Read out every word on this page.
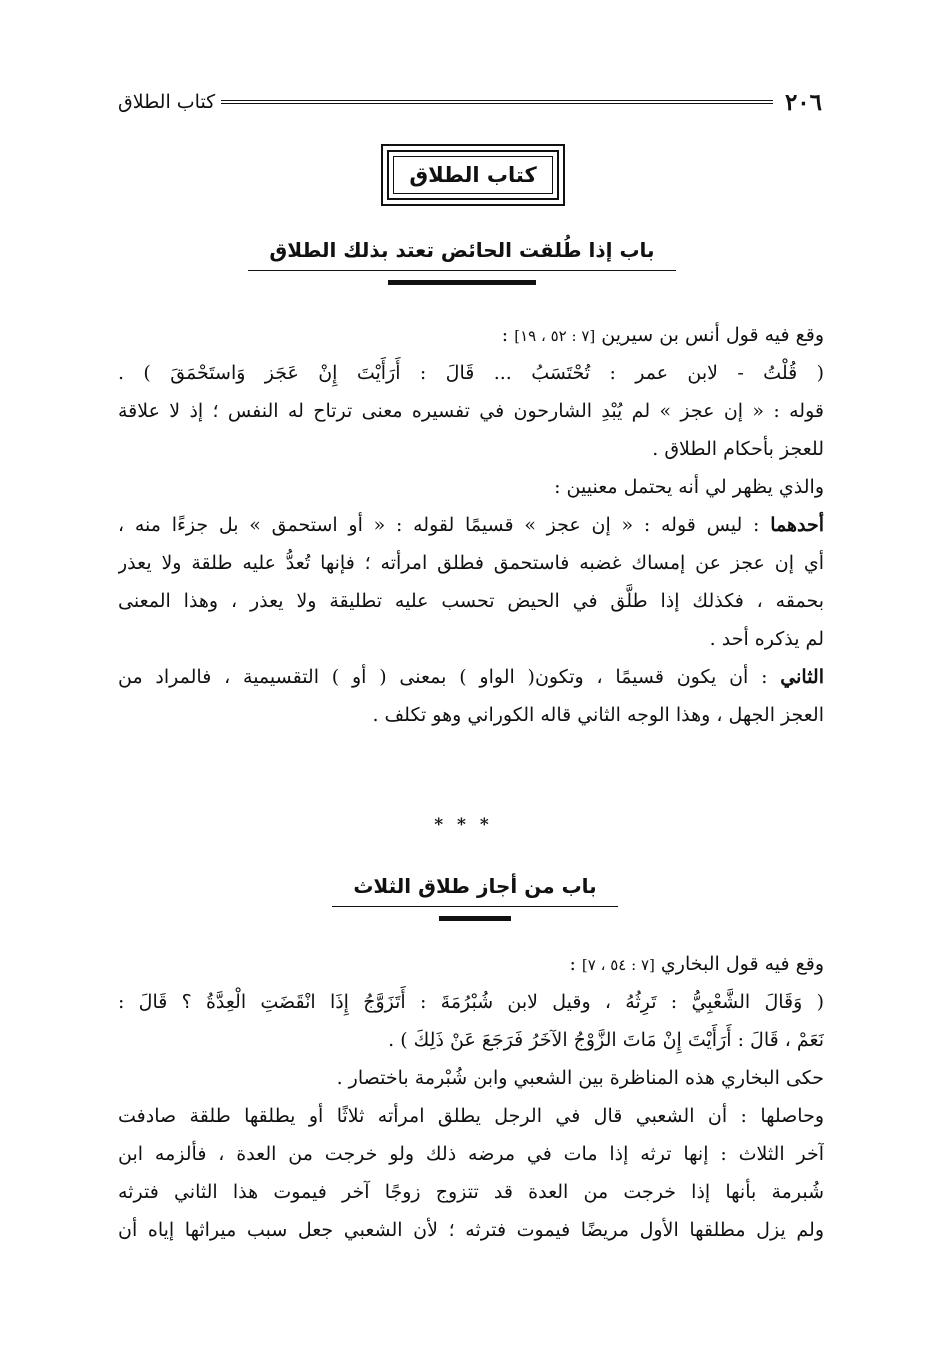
٢٠٦
كتاب الطلاق
كتاب الطلاق
باب إذا طُلقت الحائض تعتد بذلك الطلاق
وقع فيه قول أنس بن سيرين [٧ : ٥٢ ، ١٩] :
( قُلْتُ - لابن عمر : تُحْتَسَبُ ... قَالَ : أَرَأَيْتَ إِنْ عَجَز وَاستَحْمَقَ ) .
قوله : « إن عجز » لم يُبْدِ الشارحون في تفسيره معنى ترتاح له النفس ؛ إذ لا علاقة
للعجز بأحكام الطلاق .
والذي يظهر لي أنه يحتمل معنيين :
أحدهما : ليس قوله : « إن عجز » قسيمًا لقوله : « أو استحمق » بل جزءًا منه ،
أي إن عجز عن إمساك غضبه فاستحمق فطلق امرأته ؛ فإنها تُعدُّ عليه طلقة ولا يعذر
بحمقه ، فكذلك إذا طلَّق في الحيض تحسب عليه تطليقة ولا يعذر ، وهذا المعنى
لم يذكره أحد .
الثاني : أن يكون قسيمًا ، وتكون( الواو ) بمعنى ( أو ) التقسيمية ، فالمراد من
العجز الجهل ، وهذا الوجه الثاني قاله الكوراني وهو تكلف .
* * *
باب من أجاز طلاق الثلاث
وقع فيه قول البخاري [٧ : ٥٤ ، ٧] :
( وَقَالَ الشَّعْبِيُّ : تَرِثُهُ ، وقيل لابن شُبْرُمَةَ : أَتَزَوَّجُ إِذَا انْقَضَتِ الْعِدَّةُ ؟ قَالَ :
نَعَمْ ، قَالَ : أَرَأَيْتَ إِنْ مَاتَ الزَّوْجُ الآخَرُ فَرَجَعَ عَنْ ذَلِكَ ) .
حكى البخاري هذه المناظرة بين الشعبي وابن شُبْرمة باختصار .
وحاصلها : أن الشعبي قال في الرجل يطلق امرأته ثلاثًا أو يطلقها طلقة صادفت
آخر الثلاث : إنها ترثه إذا مات في مرضه ذلك ولو خرجت من العدة ، فألزمه ابن
شُبرمة بأنها إذا خرجت من العدة قد تتزوج زوجًا آخر فيموت هذا الثاني فترثه
ولم يزل مطلقها الأول مريضًا فيموت فترثه ؛ لأن الشعبي جعل سبب ميراثها إياه أن
